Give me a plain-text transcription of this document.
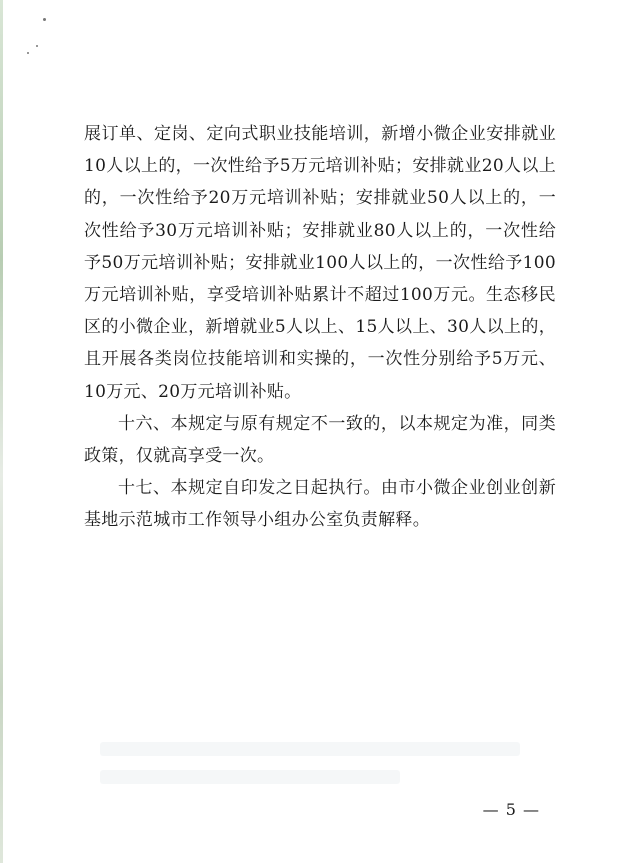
展订单、定岗、定向式职业技能培训，新增小微企业安排就业10人以上的，一次性给予5万元培训补贴；安排就业20人以上的，一次性给予20万元培训补贴；安排就业50人以上的，一次性给予30万元培训补贴；安排就业80人以上的，一次性给予50万元培训补贴；安排就业100人以上的，一次性给予100万元培训补贴，享受培训补贴累计不超过100万元。生态移民区的小微企业，新增就业5人以上、15人以上、30人以上的，且开展各类岗位技能培训和实操的，一次性分别给予5万元、10万元、20万元培训补贴。

十六、本规定与原有规定不一致的，以本规定为准，同类政策，仅就高享受一次。

十七、本规定自印发之日起执行。由市小微企业创业创新基地示范城市工作领导小组办公室负责解释。

— 5 —
